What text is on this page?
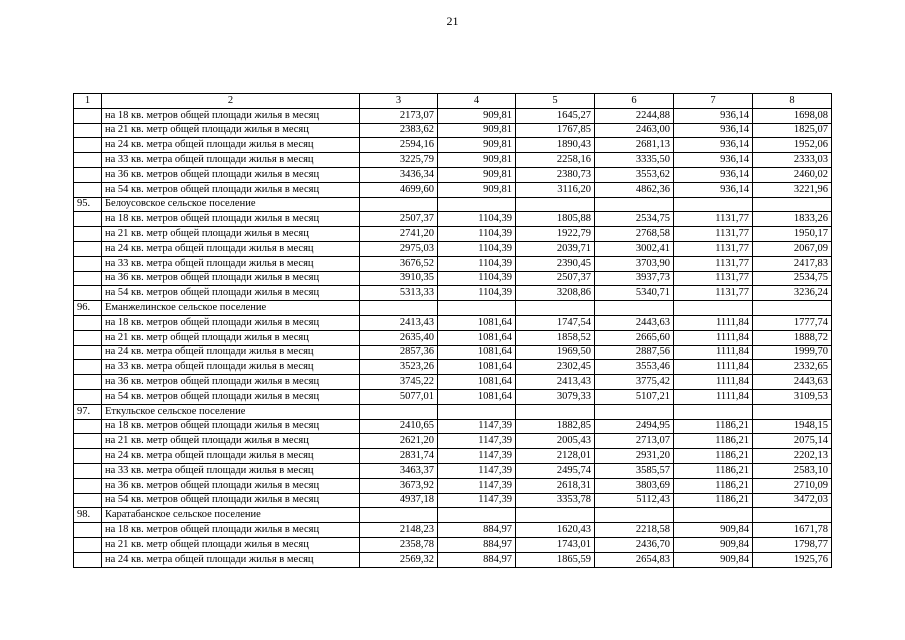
21
1	2	3	4	5	6	7	8
	на 18 кв. метров общей площади жилья в месяц	2173,07	909,81	1645,27	2244,88	936,14	1698,08
	на 21 кв. метр общей площади жилья в месяц	2383,62	909,81	1767,85	2463,00	936,14	1825,07
	на 24 кв. метра общей площади жилья в месяц	2594,16	909,81	1890,43	2681,13	936,14	1952,06
	на 33 кв. метра общей площади жилья в месяц	3225,79	909,81	2258,16	3335,50	936,14	2333,03
	на 36 кв. метров общей площади жилья в месяц	3436,34	909,81	2380,73	3553,62	936,14	2460,02
	на 54 кв. метров общей площади жилья в месяц	4699,60	909,81	3116,20	4862,36	936,14	3221,96
95.	Белоусовское сельское поселение						
	на 18 кв. метров общей площади жилья в месяц	2507,37	1104,39	1805,88	2534,75	1131,77	1833,26
	на 21 кв. метр общей площади жилья в месяц	2741,20	1104,39	1922,79	2768,58	1131,77	1950,17
	на 24 кв. метра общей площади жилья в месяц	2975,03	1104,39	2039,71	3002,41	1131,77	2067,09
	на 33 кв. метра общей площади жилья в месяц	3676,52	1104,39	2390,45	3703,90	1131,77	2417,83
	на 36 кв. метров общей площади жилья в месяц	3910,35	1104,39	2507,37	3937,73	1131,77	2534,75
	на 54 кв. метров общей площади жилья в месяц	5313,33	1104,39	3208,86	5340,71	1131,77	3236,24
96.	Еманжелинское сельское поселение						
	на 18 кв. метров общей площади жилья в месяц	2413,43	1081,64	1747,54	2443,63	1111,84	1777,74
	на 21 кв. метр общей площади жилья в месяц	2635,40	1081,64	1858,52	2665,60	1111,84	1888,72
	на 24 кв. метра общей площади жилья в месяц	2857,36	1081,64	1969,50	2887,56	1111,84	1999,70
	на 33 кв. метра общей площади жилья в месяц	3523,26	1081,64	2302,45	3553,46	1111,84	2332,65
	на 36 кв. метров общей площади жилья в месяц	3745,22	1081,64	2413,43	3775,42	1111,84	2443,63
	на 54 кв. метров общей площади жилья в месяц	5077,01	1081,64	3079,33	5107,21	1111,84	3109,53
97.	Еткульское сельское поселение						
	на 18 кв. метров общей площади жилья в месяц	2410,65	1147,39	1882,85	2494,95	1186,21	1948,15
	на 21 кв. метр общей площади жилья в месяц	2621,20	1147,39	2005,43	2713,07	1186,21	2075,14
	на 24 кв. метра общей площади жилья в месяц	2831,74	1147,39	2128,01	2931,20	1186,21	2202,13
	на 33 кв. метра общей площади жилья в месяц	3463,37	1147,39	2495,74	3585,57	1186,21	2583,10
	на 36 кв. метров общей площади жилья в месяц	3673,92	1147,39	2618,31	3803,69	1186,21	2710,09
	на 54 кв. метров общей площади жилья в месяц	4937,18	1147,39	3353,78	5112,43	1186,21	3472,03
98.	Каратабанское сельское поселение						
	на 18 кв. метров общей площади жилья в месяц	2148,23	884,97	1620,43	2218,58	909,84	1671,78
	на 21 кв. метр общей площади жилья в месяц	2358,78	884,97	1743,01	2436,70	909,84	1798,77
	на 24 кв. метра общей площади жилья в месяц	2569,32	884,97	1865,59	2654,83	909,84	1925,76
